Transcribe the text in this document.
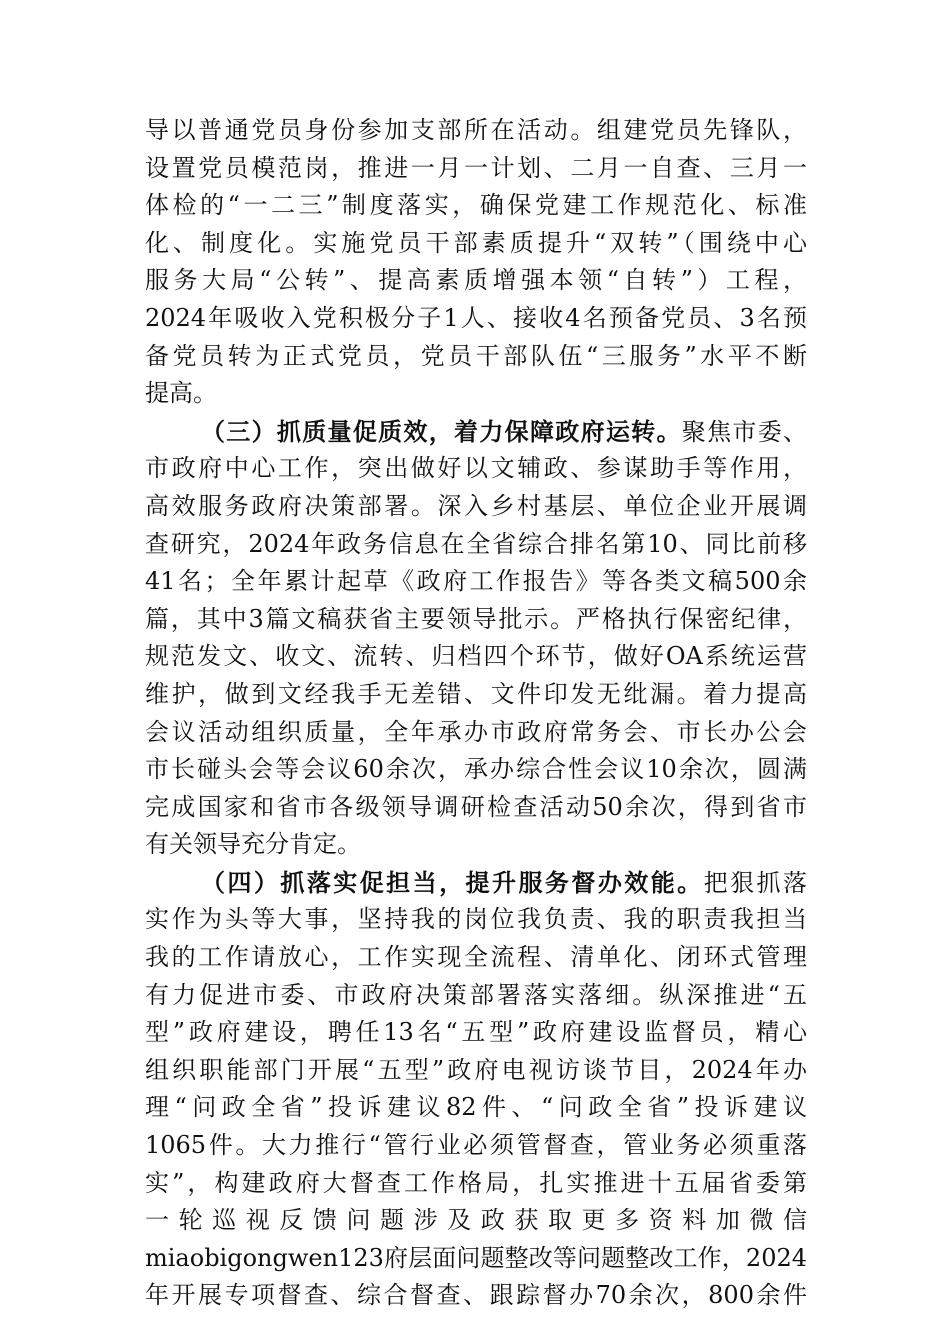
导以普通党员身份参加支部所在活动。组建党员先锋队，
设置党员模范岗，推进一月一计划、二月一自查、三月一
体检的“一二三”制度落实，确保党建工作规范化、标准
化、制度化。实施党员干部素质提升“双转”（围绕中心
服务大局“公转”、提高素质增强本领“自转”）工程，
2024年吸收入党积极分子1人、接收4名预备党员、3名预
备党员转为正式党员，党员干部队伍“三服务”水平不断
提高。
（三）抓质量促质效，着力保障政府运转。聚焦市委、
市政府中心工作，突出做好以文辅政、参谋助手等作用，
高效服务政府决策部署。深入乡村基层、单位企业开展调
查研究，2024年政务信息在全省综合排名第10、同比前移
41名；全年累计起草《政府工作报告》等各类文稿500余
篇，其中3篇文稿获省主要领导批示。严格执行保密纪律，
规范发文、收文、流转、归档四个环节，做好OA系统运营
维护，做到文经我手无差错、文件印发无纰漏。着力提高
会议活动组织质量，全年承办市政府常务会、市长办公会
市长碰头会等会议60余次，承办综合性会议10余次，圆满
完成国家和省市各级领导调研检查活动50余次，得到省市
有关领导充分肯定。
（四）抓落实促担当，提升服务督办效能。把狠抓落
实作为头等大事，坚持我的岗位我负责、我的职责我担当
我的工作请放心，工作实现全流程、清单化、闭环式管理
有力促进市委、市政府决策部署落实落细。纵深推进“五
型”政府建设，聘任13名“五型”政府建设监督员，精心
组织职能部门开展“五型”政府电视访谈节目，2024年办
理“问政全省”投诉建议82件、“问政全省”投诉建议
1065件。大力推行“管行业必须管督查，管业务必须重落
实”，构建政府大督查工作格局，扎实推进十五届省委第
一轮巡视反馈问题涉及政获取更多资料加微信
miaobigongwen123府层面问题整改等问题整改工作，2024
年开展专项督查、综合督查、跟踪督办70余次，800余件
